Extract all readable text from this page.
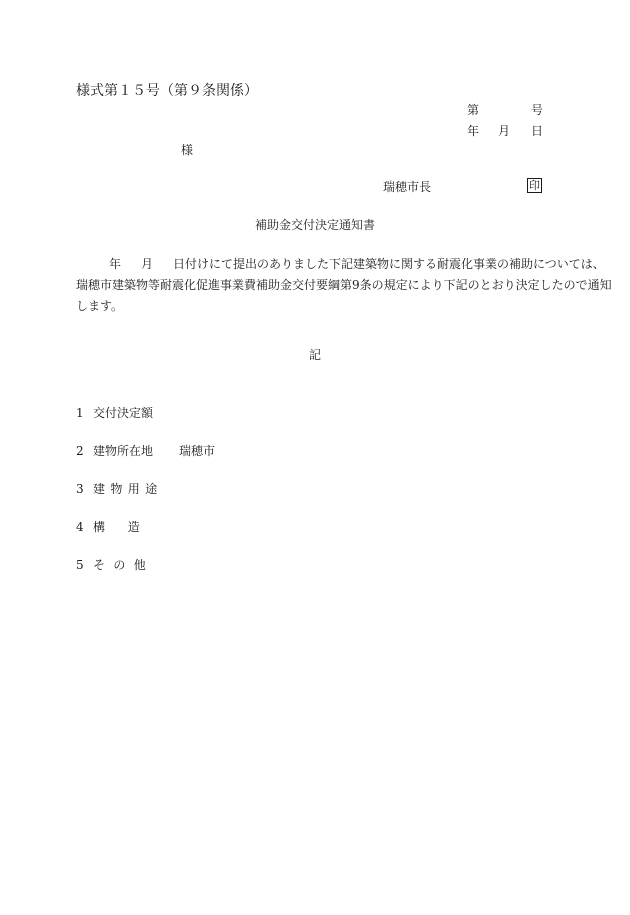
様式第１５号（第９条関係）
第	号
年 月 日
様
瑞穂市長	印
補助金交付決定通知書
年 月 日付けにて提出のありました下記建築物に関する耐震化事業の補助については、
瑞穂市建築物等耐震化促進事業費補助金交付要綱第9条の規定により下記のとおり決定したので通知
します。
記
1 交付決定額
2 建物所在地 瑞穂市
3 建物用途
4 構造
5 その他
